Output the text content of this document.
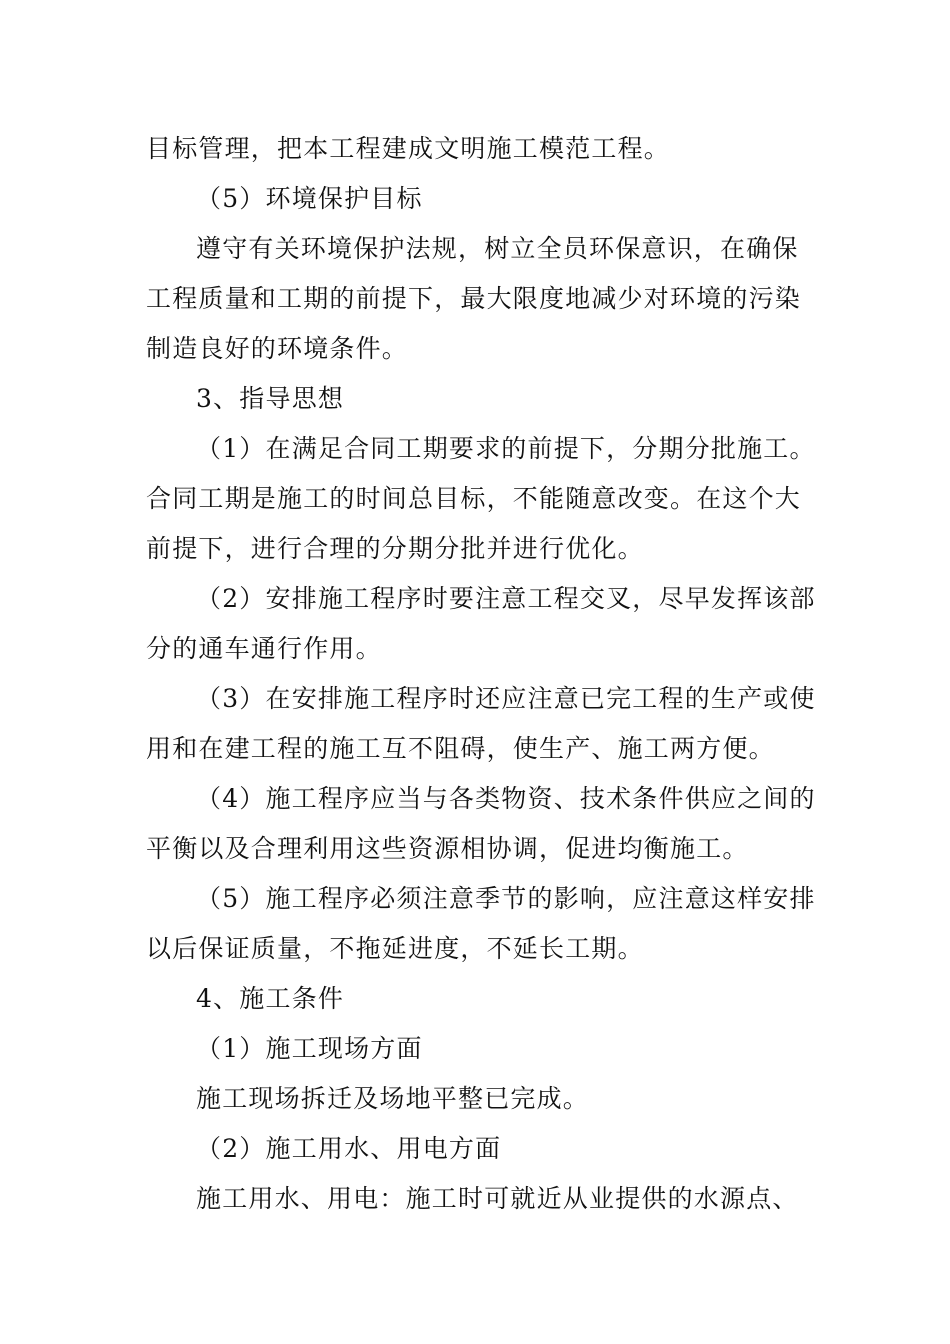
目标管理，把本工程建成文明施工模范工程。
（5）环境保护目标
遵守有关环境保护法规，树立全员环保意识，在确保
工程质量和工期的前提下，最大限度地减少对环境的污染
制造良好的环境条件。
3、指导思想
（1）在满足合同工期要求的前提下，分期分批施工。
合同工期是施工的时间总目标，不能随意改变。在这个大
前提下，进行合理的分期分批并进行优化。
（2）安排施工程序时要注意工程交叉，尽早发挥该部
分的通车通行作用。
（3）在安排施工程序时还应注意已完工程的生产或使
用和在建工程的施工互不阻碍，使生产、施工两方便。
（4）施工程序应当与各类物资、技术条件供应之间的
平衡以及合理利用这些资源相协调，促进均衡施工。
（5）施工程序必须注意季节的影响，应注意这样安排
以后保证质量，不拖延进度，不延长工期。
4、施工条件
（1）施工现场方面
施工现场拆迁及场地平整已完成。
（2）施工用水、用电方面
施工用水、用电：施工时可就近从业提供的水源点、
